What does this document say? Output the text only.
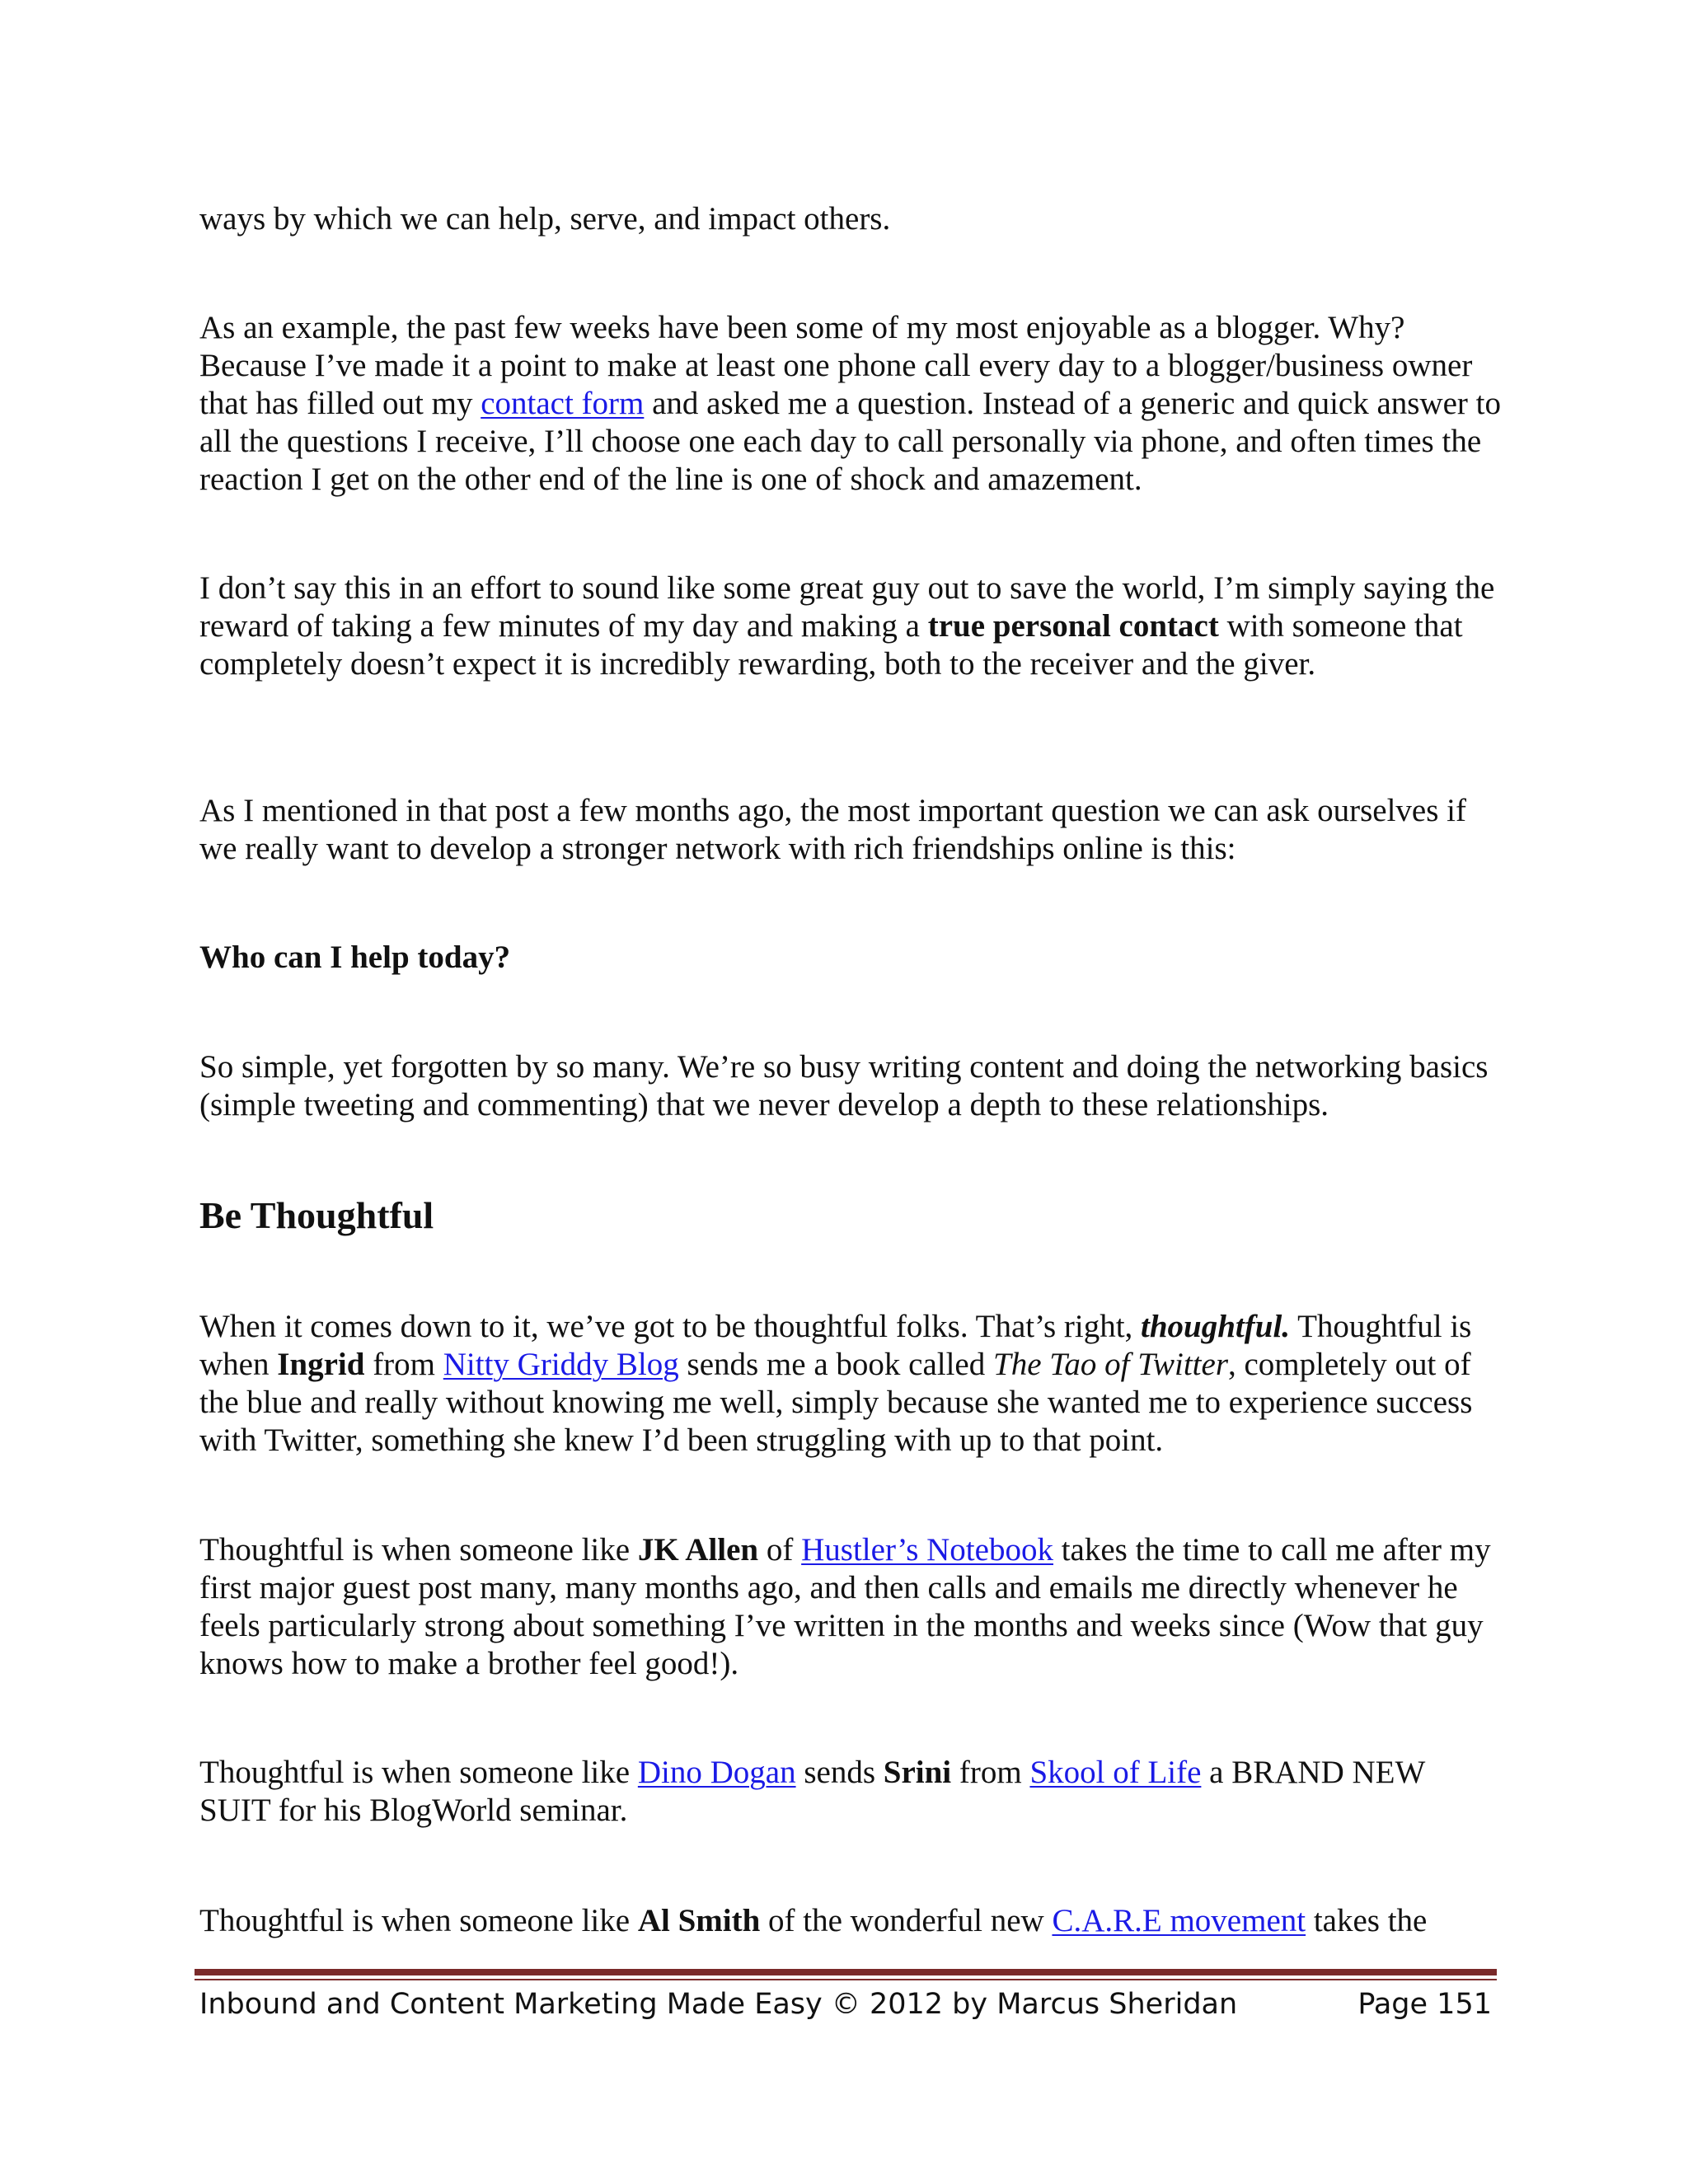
ways by which we can help, serve, and impact others.

As an example, the past few weeks have been some of my most enjoyable as a blogger. Why? Because I’ve made it a point to make at least one phone call every day to a blogger/business owner that has filled out my contact form and asked me a question. Instead of a generic and quick answer to all the questions I receive, I’ll choose one each day to call personally via phone, and often times the reaction I get on the other end of the line is one of shock and amazement.

I don’t say this in an effort to sound like some great guy out to save the world, I’m simply saying the reward of taking a few minutes of my day and making a true personal contact with someone that completely doesn’t expect it is incredibly rewarding, both to the receiver and the giver.

As I mentioned in that post a few months ago, the most important question we can ask ourselves if we really want to develop a stronger network with rich friendships online is this:

Who can I help today?

So simple, yet forgotten by so many. We’re so busy writing content and doing the networking basics (simple tweeting and commenting) that we never develop a depth to these relationships.

Be Thoughtful

When it comes down to it, we’ve got to be thoughtful folks. That’s right, thoughtful. Thoughtful is when Ingrid from Nitty Griddy Blog sends me a book called The Tao of Twitter, completely out of the blue and really without knowing me well, simply because she wanted me to experience success with Twitter, something she knew I’d been struggling with up to that point.

Thoughtful is when someone like JK Allen of Hustler’s Notebook takes the time to call me after my first major guest post many, many months ago, and then calls and emails me directly whenever he feels particularly strong about something I’ve written in the months and weeks since (Wow that guy knows how to make a brother feel good!).

Thoughtful is when someone like Dino Dogan sends Srini from Skool of Life a BRAND NEW SUIT for his BlogWorld seminar.

Thoughtful is when someone like Al Smith of the wonderful new C.A.R.E movement takes the

Inbound and Content Marketing Made Easy © 2012 by Marcus Sheridan	Page 151
